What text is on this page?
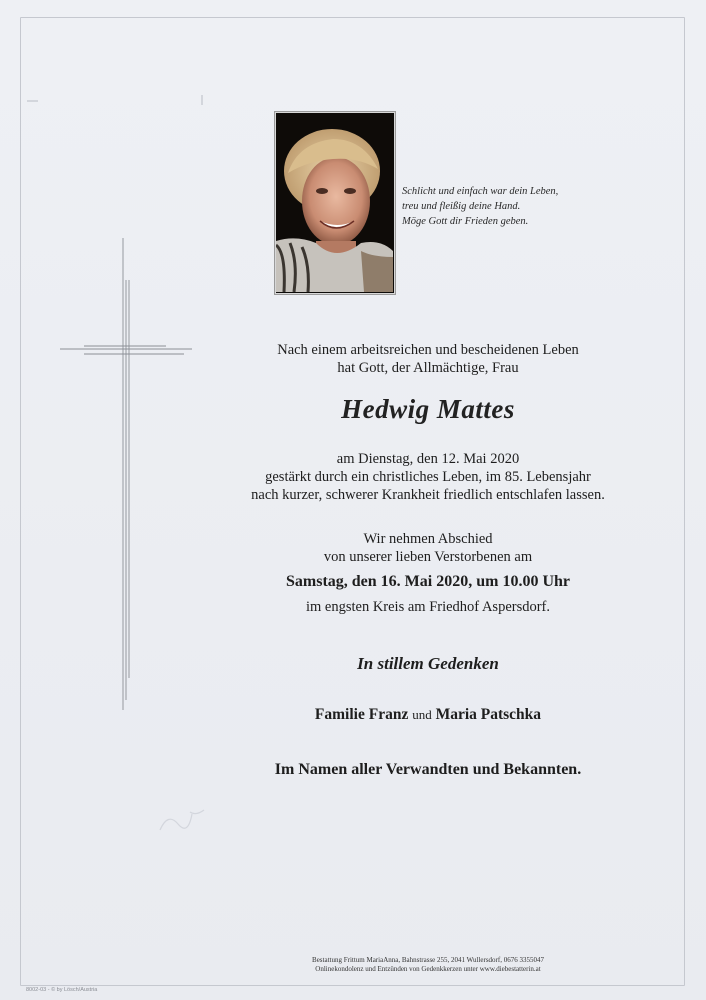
Schlicht und einfach war dein Leben,
treu und fleißig deine Hand.
Möge Gott dir Frieden geben.
Nach einem arbeitsreichen und bescheidenen Leben
hat Gott, der Allmächtige, Frau
Hedwig Mattes
am Dienstag, den 12. Mai 2020
gestärkt durch ein christliches Leben, im 85. Lebensjahr
nach kurzer, schwerer Krankheit friedlich entschlafen lassen.
Wir nehmen Abschied
von unserer lieben Verstorbenen am
Samstag, den 16. Mai 2020, um 10.00 Uhr
im engsten Kreis am Friedhof Aspersdorf.
In stillem Gedenken
Familie Franz und Maria Patschka
Im Namen aller Verwandten und Bekannten.
Bestattung Frittum MariaAnna, Bahnstrasse 255, 2041 Wullersdorf, 0676 3355047
Onlinekondolenz und Entzünden von Gedenkkerzen unter www.diebestatterin.at
8002-03 - © by Lösch/Austria
